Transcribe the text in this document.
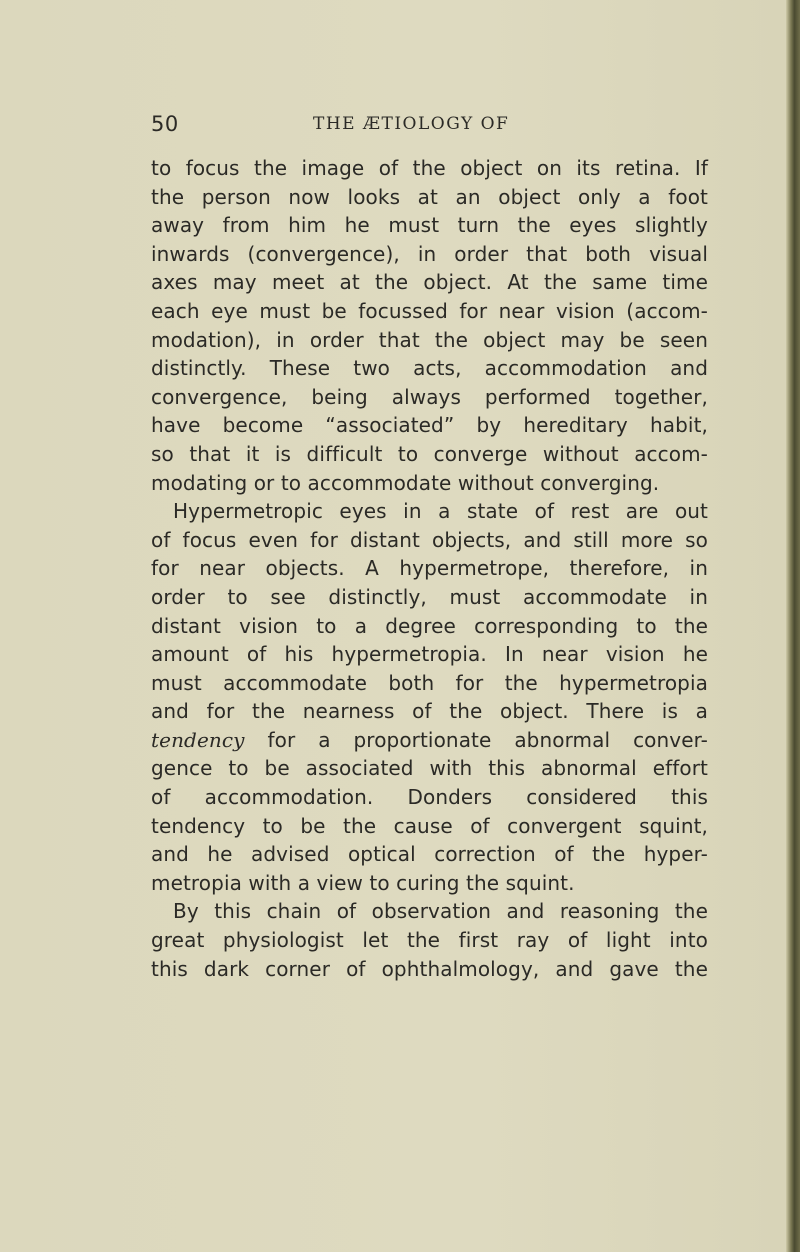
50	THE ÆTIOLOGY OF
to focus the image of the object on its retina. If
the person now looks at an object only a foot
away from him he must turn the eyes slightly
inwards (convergence), in order that both visual
axes may meet at the object. At the same time
each eye must be focussed for near vision (accom-
modation), in order that the object may be seen
distinctly. These two acts, accommodation and
convergence, being always performed together,
have become “associated” by hereditary habit,
so that it is difficult to converge without accom-
modating or to accommodate without converging.
Hypermetropic eyes in a state of rest are out
of focus even for distant objects, and still more so
for near objects. A hypermetrope, therefore, in
order to see distinctly, must accommodate in
distant vision to a degree corresponding to the
amount of his hypermetropia. In near vision he
must accommodate both for the hypermetropia
and for the nearness of the object. There is a
tendency for a proportionate abnormal conver-
gence to be associated with this abnormal effort
of accommodation. Donders considered this
tendency to be the cause of convergent squint,
and he advised optical correction of the hyper-
metropia with a view to curing the squint.
By this chain of observation and reasoning the
great physiologist let the first ray of light into
this dark corner of ophthalmology, and gave the
